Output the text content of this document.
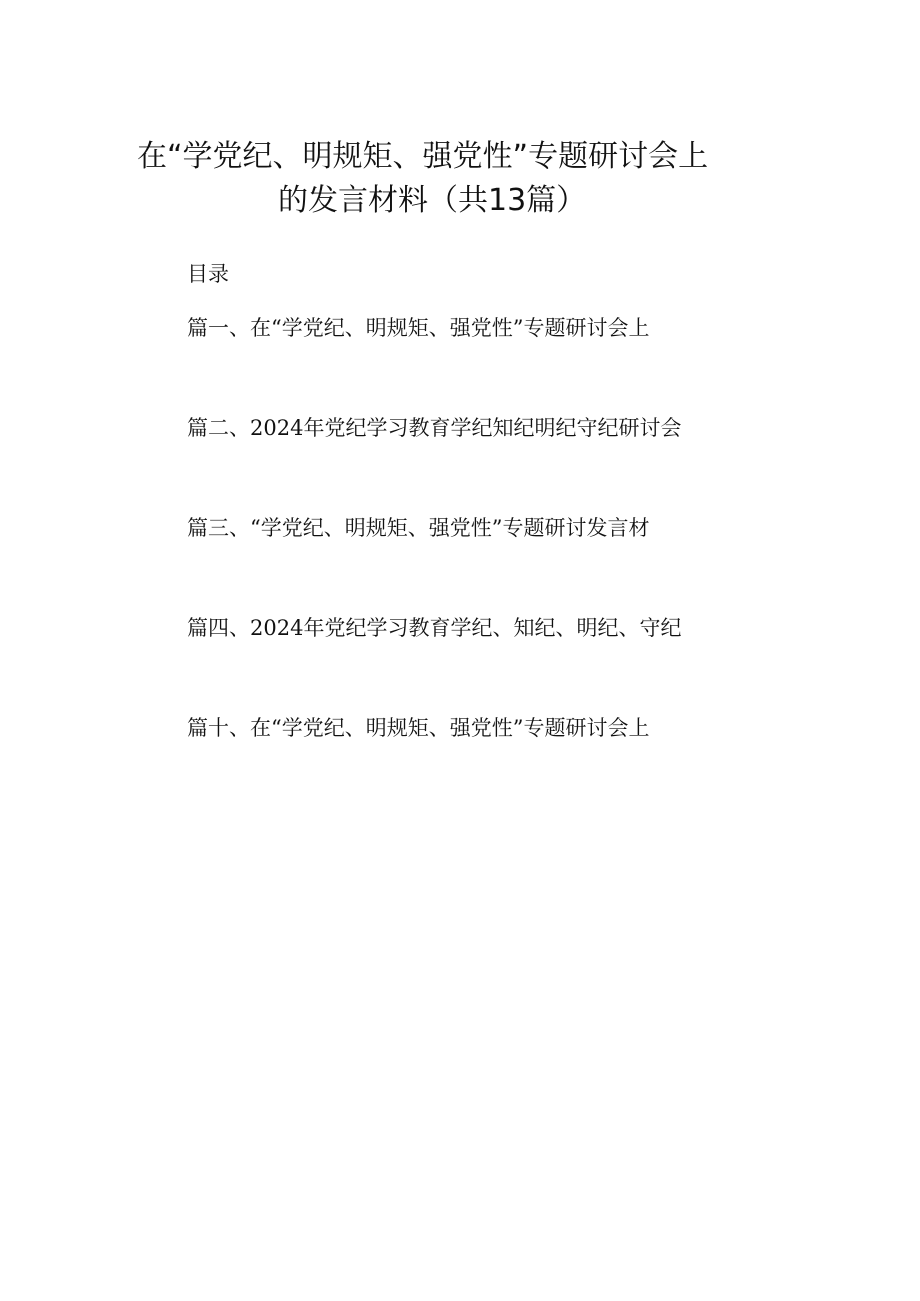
在“学党纪、明规矩、强党性”专题研讨会上
的发言材料（共13篇）
目录
篇一、在“学党纪、明规矩、强党性”专题研讨会上
篇二、2024年党纪学习教育学纪知纪明纪守纪研讨会
篇三、“学党纪、明规矩、强党性”专题研讨发言材
篇四、2024年党纪学习教育学纪、知纪、明纪、守纪
篇十、在“学党纪、明规矩、强党性”专题研讨会上
